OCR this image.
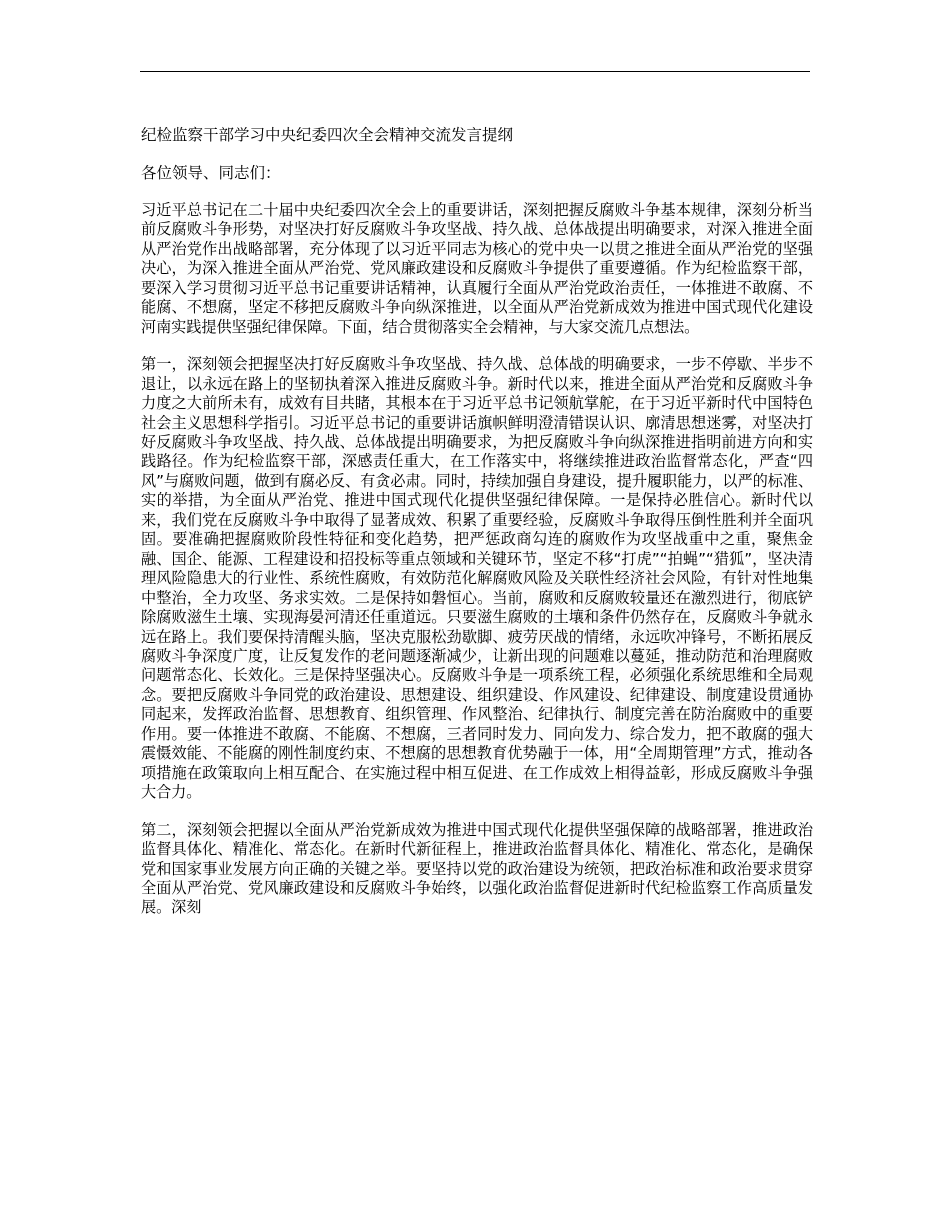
纪检监察干部学习中央纪委四次全会精神交流发言提纲
各位领导、同志们：

习近平总书记在二十届中央纪委四次全会上的重要讲话，深刻把握反腐败斗争基本规律，深刻分析当前反腐败斗争形势，对坚决打好反腐败斗争攻坚战、持久战、总体战提出明确要求，对深入推进全面从严治党作出战略部署，充分体现了以习近平同志为核心的党中央一以贯之推进全面从严治党的坚强决心，为深入推进全面从严治党、党风廉政建设和反腐败斗争提供了重要遵循。作为纪检监察干部，要深入学习贯彻习近平总书记重要讲话精神，认真履行全面从严治党政治责任，一体推进不敢腐、不能腐、不想腐，坚定不移把反腐败斗争向纵深推进，以全面从严治党新成效为推进中国式现代化建设河南实践提供坚强纪律保障。下面，结合贯彻落实全会精神，与大家交流几点想法。

第一，深刻领会把握坚决打好反腐败斗争攻坚战、持久战、总体战的明确要求，一步不停歇、半步不退让，以永远在路上的坚韧执着深入推进反腐败斗争。新时代以来，推进全面从严治党和反腐败斗争力度之大前所未有，成效有目共睹，其根本在于习近平总书记领航掌舵，在于习近平新时代中国特色社会主义思想科学指引。习近平总书记的重要讲话旗帜鲜明澄清错误认识、廓清思想迷雾，对坚决打好反腐败斗争攻坚战、持久战、总体战提出明确要求，为把反腐败斗争向纵深推进指明前进方向和实践路径。作为纪检监察干部，深感责任重大，在工作落实中，将继续推进政治监督常态化，严查“四风”与腐败问题，做到有腐必反、有贪必肃。同时，持续加强自身建设，提升履职能力，以严的标准、实的举措，为全面从严治党、推进中国式现代化提供坚强纪律保障。一是保持必胜信心。新时代以来，我们党在反腐败斗争中取得了显著成效、积累了重要经验，反腐败斗争取得压倒性胜利并全面巩固。要准确把握腐败阶段性特征和变化趋势，把严惩政商勾连的腐败作为攻坚战重中之重，聚焦金融、国企、能源、工程建设和招投标等重点领域和关键环节，坚定不移“打虎”“拍蝇”“猎狐”，坚决清理风险隐患大的行业性、系统性腐败，有效防范化解腐败风险及关联性经济社会风险，有针对性地集中整治，全力攻坚、务求实效。二是保持如磐恒心。当前，腐败和反腐败较量还在激烈进行，彻底铲除腐败滋生土壤、实现海晏河清还任重道远。只要滋生腐败的土壤和条件仍然存在，反腐败斗争就永远在路上。我们要保持清醒头脑，坚决克服松劲歇脚、疲劳厌战的情绪，永远吹冲锋号，不断拓展反腐败斗争深度广度，让反复发作的老问题逐渐减少，让新出现的问题难以蔓延，推动防范和治理腐败问题常态化、长效化。三是保持坚强决心。反腐败斗争是一项系统工程，必须强化系统思维和全局观念。要把反腐败斗争同党的政治建设、思想建设、组织建设、作风建设、纪律建设、制度建设贯通协同起来，发挥政治监督、思想教育、组织管理、作风整治、纪律执行、制度完善在防治腐败中的重要作用。要一体推进不敢腐、不能腐、不想腐，三者同时发力、同向发力、综合发力，把不敢腐的强大震慑效能、不能腐的刚性制度约束、不想腐的思想教育优势融于一体，用“全周期管理”方式，推动各项措施在政策取向上相互配合、在实施过程中相互促进、在工作成效上相得益彰，形成反腐败斗争强大合力。

第二，深刻领会把握以全面从严治党新成效为推进中国式现代化提供坚强保障的战略部署，推进政治监督具体化、精准化、常态化。在新时代新征程上，推进政治监督具体化、精准化、常态化，是确保党和国家事业发展方向正确的关键之举。要坚持以党的政治建设为统领，把政治标准和政治要求贯穿全面从严治党、党风廉政建设和反腐败斗争始终，以强化政治监督促进新时代纪检监察工作高质量发展。深刻
